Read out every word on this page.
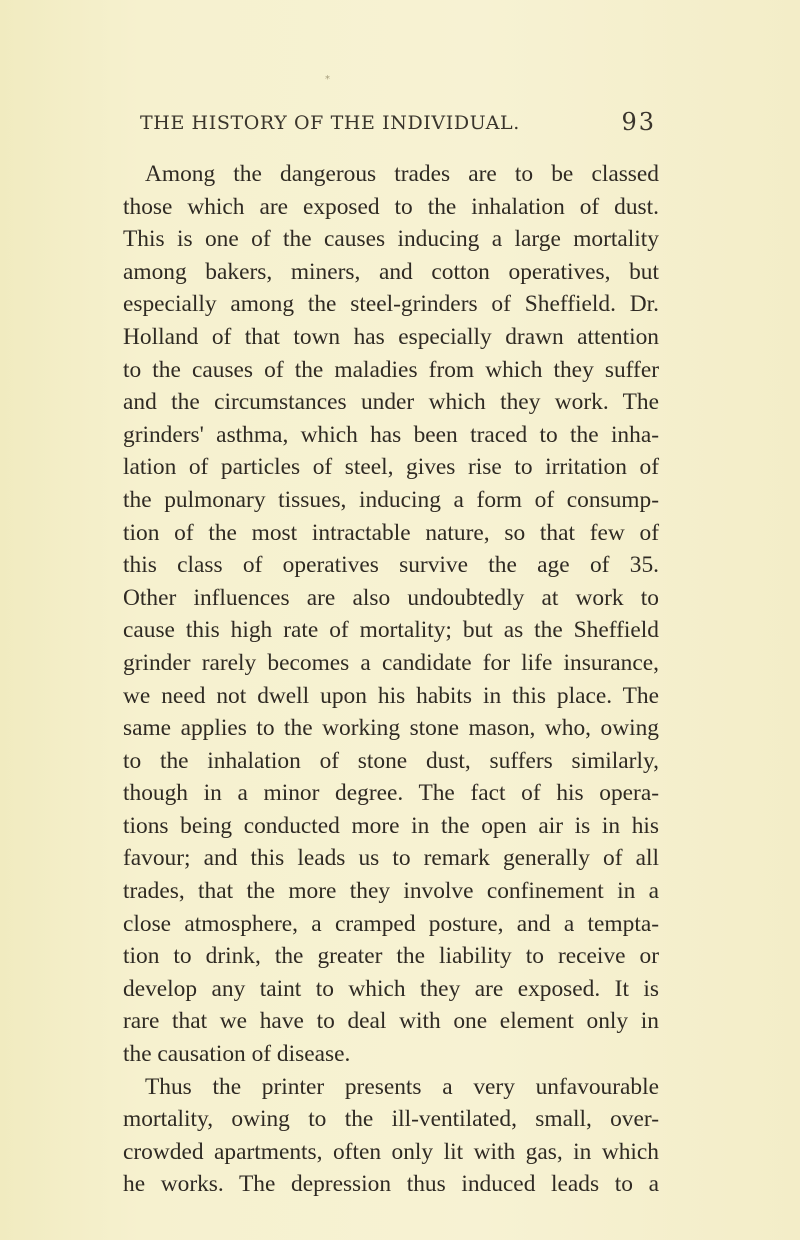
*
THE HISTORY OF THE INDIVIDUAL.	93
Among the dangerous trades are to be classed
those which are exposed to the inhalation of dust.
This is one of the causes inducing a large mortality
among bakers, miners, and cotton operatives, but
especially among the steel-grinders of Sheffield. Dr.
Holland of that town has especially drawn attention
to the causes of the maladies from which they suffer
and the circumstances under which they work. The
grinders' asthma, which has been traced to the inha-
lation of particles of steel, gives rise to irritation of
the pulmonary tissues, inducing a form of consump-
tion of the most intractable nature, so that few of
this class of operatives survive the age of 35.
Other influences are also undoubtedly at work to
cause this high rate of mortality; but as the Sheffield
grinder rarely becomes a candidate for life insurance,
we need not dwell upon his habits in this place. The
same applies to the working stone mason, who, owing
to the inhalation of stone dust, suffers similarly,
though in a minor degree. The fact of his opera-
tions being conducted more in the open air is in his
favour; and this leads us to remark generally of all
trades, that the more they involve confinement in a
close atmosphere, a cramped posture, and a tempta-
tion to drink, the greater the liability to receive or
develop any taint to which they are exposed. It is
rare that we have to deal with one element only in
the causation of disease.
Thus the printer presents a very unfavourable
mortality, owing to the ill-ventilated, small, over-
crowded apartments, often only lit with gas, in which
he works. The depression thus induced leads to a
